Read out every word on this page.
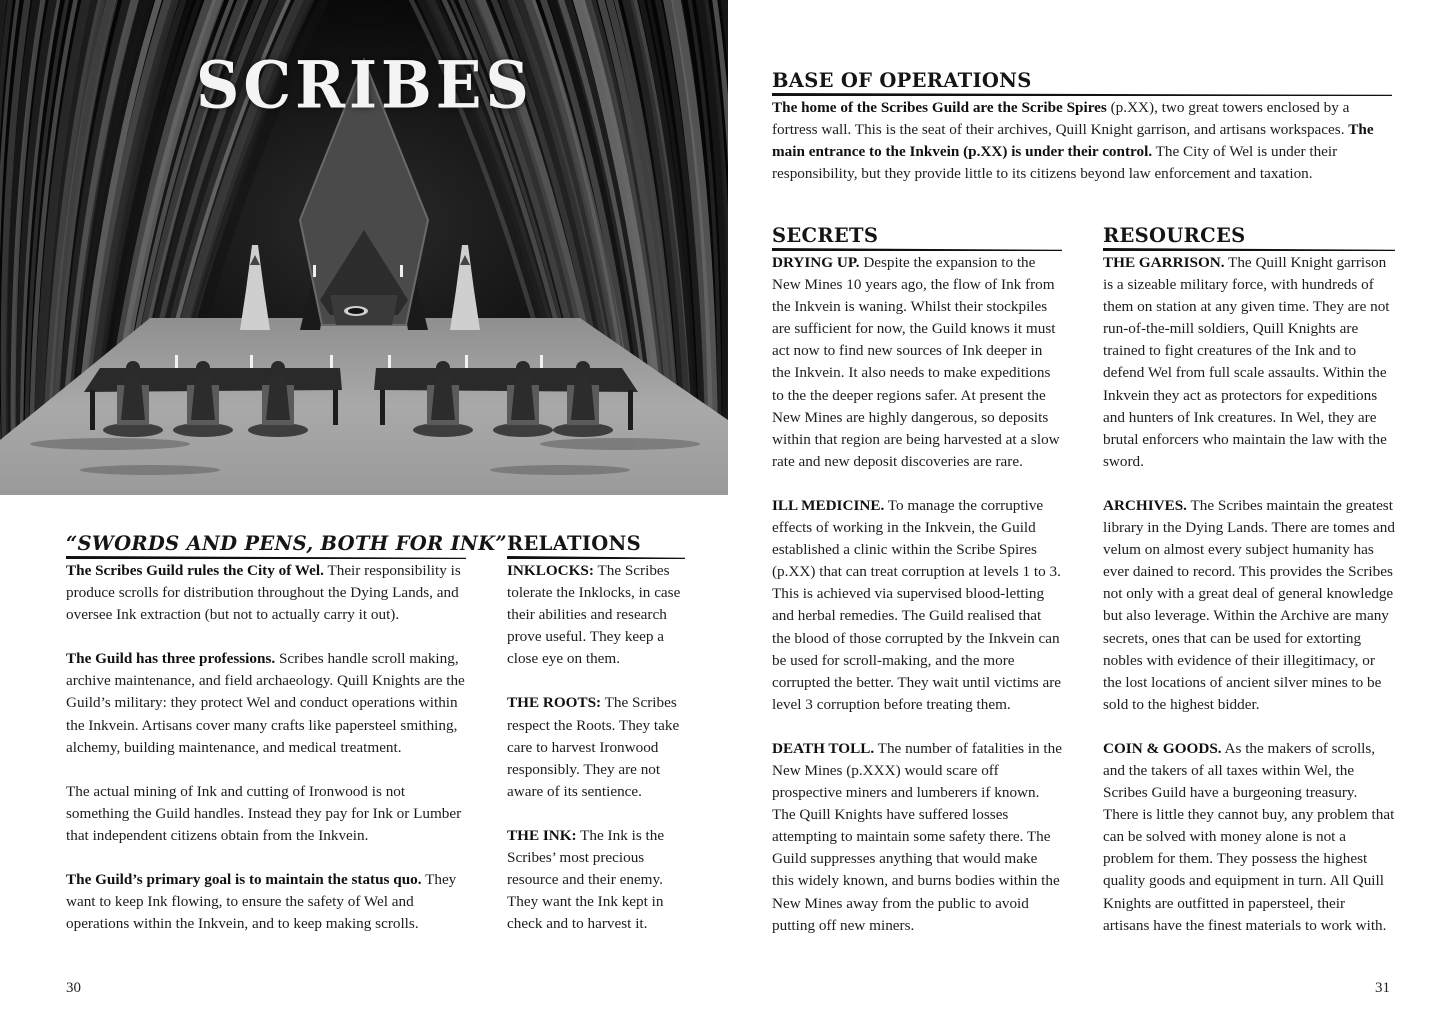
SCRIBES
“SWORDS AND PENS, BOTH FOR INK”

The Scribes Guild rules the City of Wel. Their responsibility is produce scrolls for distribution throughout the Dying Lands, and oversee Ink extraction (but not to actually carry it out).

The Guild has three professions. Scribes handle scroll making, archive maintenance, and field archaeology. Quill Knights are the Guild’s military: they protect Wel and conduct operations within the Inkvein. Artisans cover many crafts like papersteel smithing, alchemy, building maintenance, and medical treatment.

The actual mining of Ink and cutting of Ironwood is not something the Guild handles. Instead they pay for Ink or Lumber that independent citizens obtain from the Inkvein.

The Guild’s primary goal is to maintain the status quo. They want to keep Ink flowing, to ensure the safety of Wel and operations within the Inkvein, and to keep making scrolls.

RELATIONS

INKLOCKS: The Scribes tolerate the Inklocks, in case their abilities and research prove useful. They keep a close eye on them.

THE ROOTS: The Scribes respect the Roots. They take care to harvest Ironwood responsibly. They are not aware of its sentience.

THE INK: The Ink is the Scribes’ most precious resource and their enemy. They want the Ink kept in check and to harvest it.

30
BASE OF OPERATIONS

The home of the Scribes Guild are the Scribe Spires (p.XX), two great towers enclosed by a fortress wall. This is the seat of their archives, Quill Knight garrison, and artisans workspaces. The main entrance to the Inkvein (p.XX) is under their control. The City of Wel is under their responsibility, but they provide little to its citizens beyond law enforcement and taxation.

SECRETS

DRYING UP. Despite the expansion to the New Mines 10 years ago, the flow of Ink from the Inkvein is waning. Whilst their stockpiles are sufficient for now, the Guild knows it must act now to find new sources of Ink deeper in the Inkvein. It also needs to make expeditions to the the deeper regions safer. At present the New Mines are highly dangerous, so deposits within that region are being harvested at a slow rate and new deposit discoveries are rare.

ILL MEDICINE. To manage the corruptive effects of working in the Inkvein, the Guild established a clinic within the Scribe Spires (p.XX) that can treat corruption at levels 1 to 3. This is achieved via supervised blood-letting and herbal remedies. The Guild realised that the blood of those corrupted by the Inkvein can be used for scroll-making, and the more corrupted the better. They wait until victims are level 3 corruption before treating them.

DEATH TOLL. The number of fatalities in the New Mines (p.XXX) would scare off prospective miners and lumberers if known. The Quill Knights have suffered losses attempting to maintain some safety there. The Guild suppresses anything that would make this widely known, and burns bodies within the New Mines away from the public to avoid putting off new miners.

RESOURCES

THE GARRISON. The Quill Knight garrison is a sizeable military force, with hundreds of them on station at any given time. They are not run-of-the-mill soldiers, Quill Knights are trained to fight creatures of the Ink and to defend Wel from full scale assaults. Within the Inkvein they act as protectors for expeditions and hunters of Ink creatures. In Wel, they are brutal enforcers who maintain the law with the sword.

ARCHIVES. The Scribes maintain the greatest library in the Dying Lands. There are tomes and velum on almost every subject humanity has ever dained to record. This provides the Scribes not only with a great deal of general knowledge but also leverage. Within the Archive are many secrets, ones that can be used for extorting nobles with evidence of their illegitimacy, or the lost locations of ancient silver mines to be sold to the highest bidder.

COIN & GOODS. As the makers of scrolls, and the takers of all taxes within Wel, the Scribes Guild have a burgeoning treasury. There is little they cannot buy, any problem that can be solved with money alone is not a problem for them. They possess the highest quality goods and equipment in turn. All Quill Knights are outfitted in papersteel, their artisans have the finest materials to work with.

31
